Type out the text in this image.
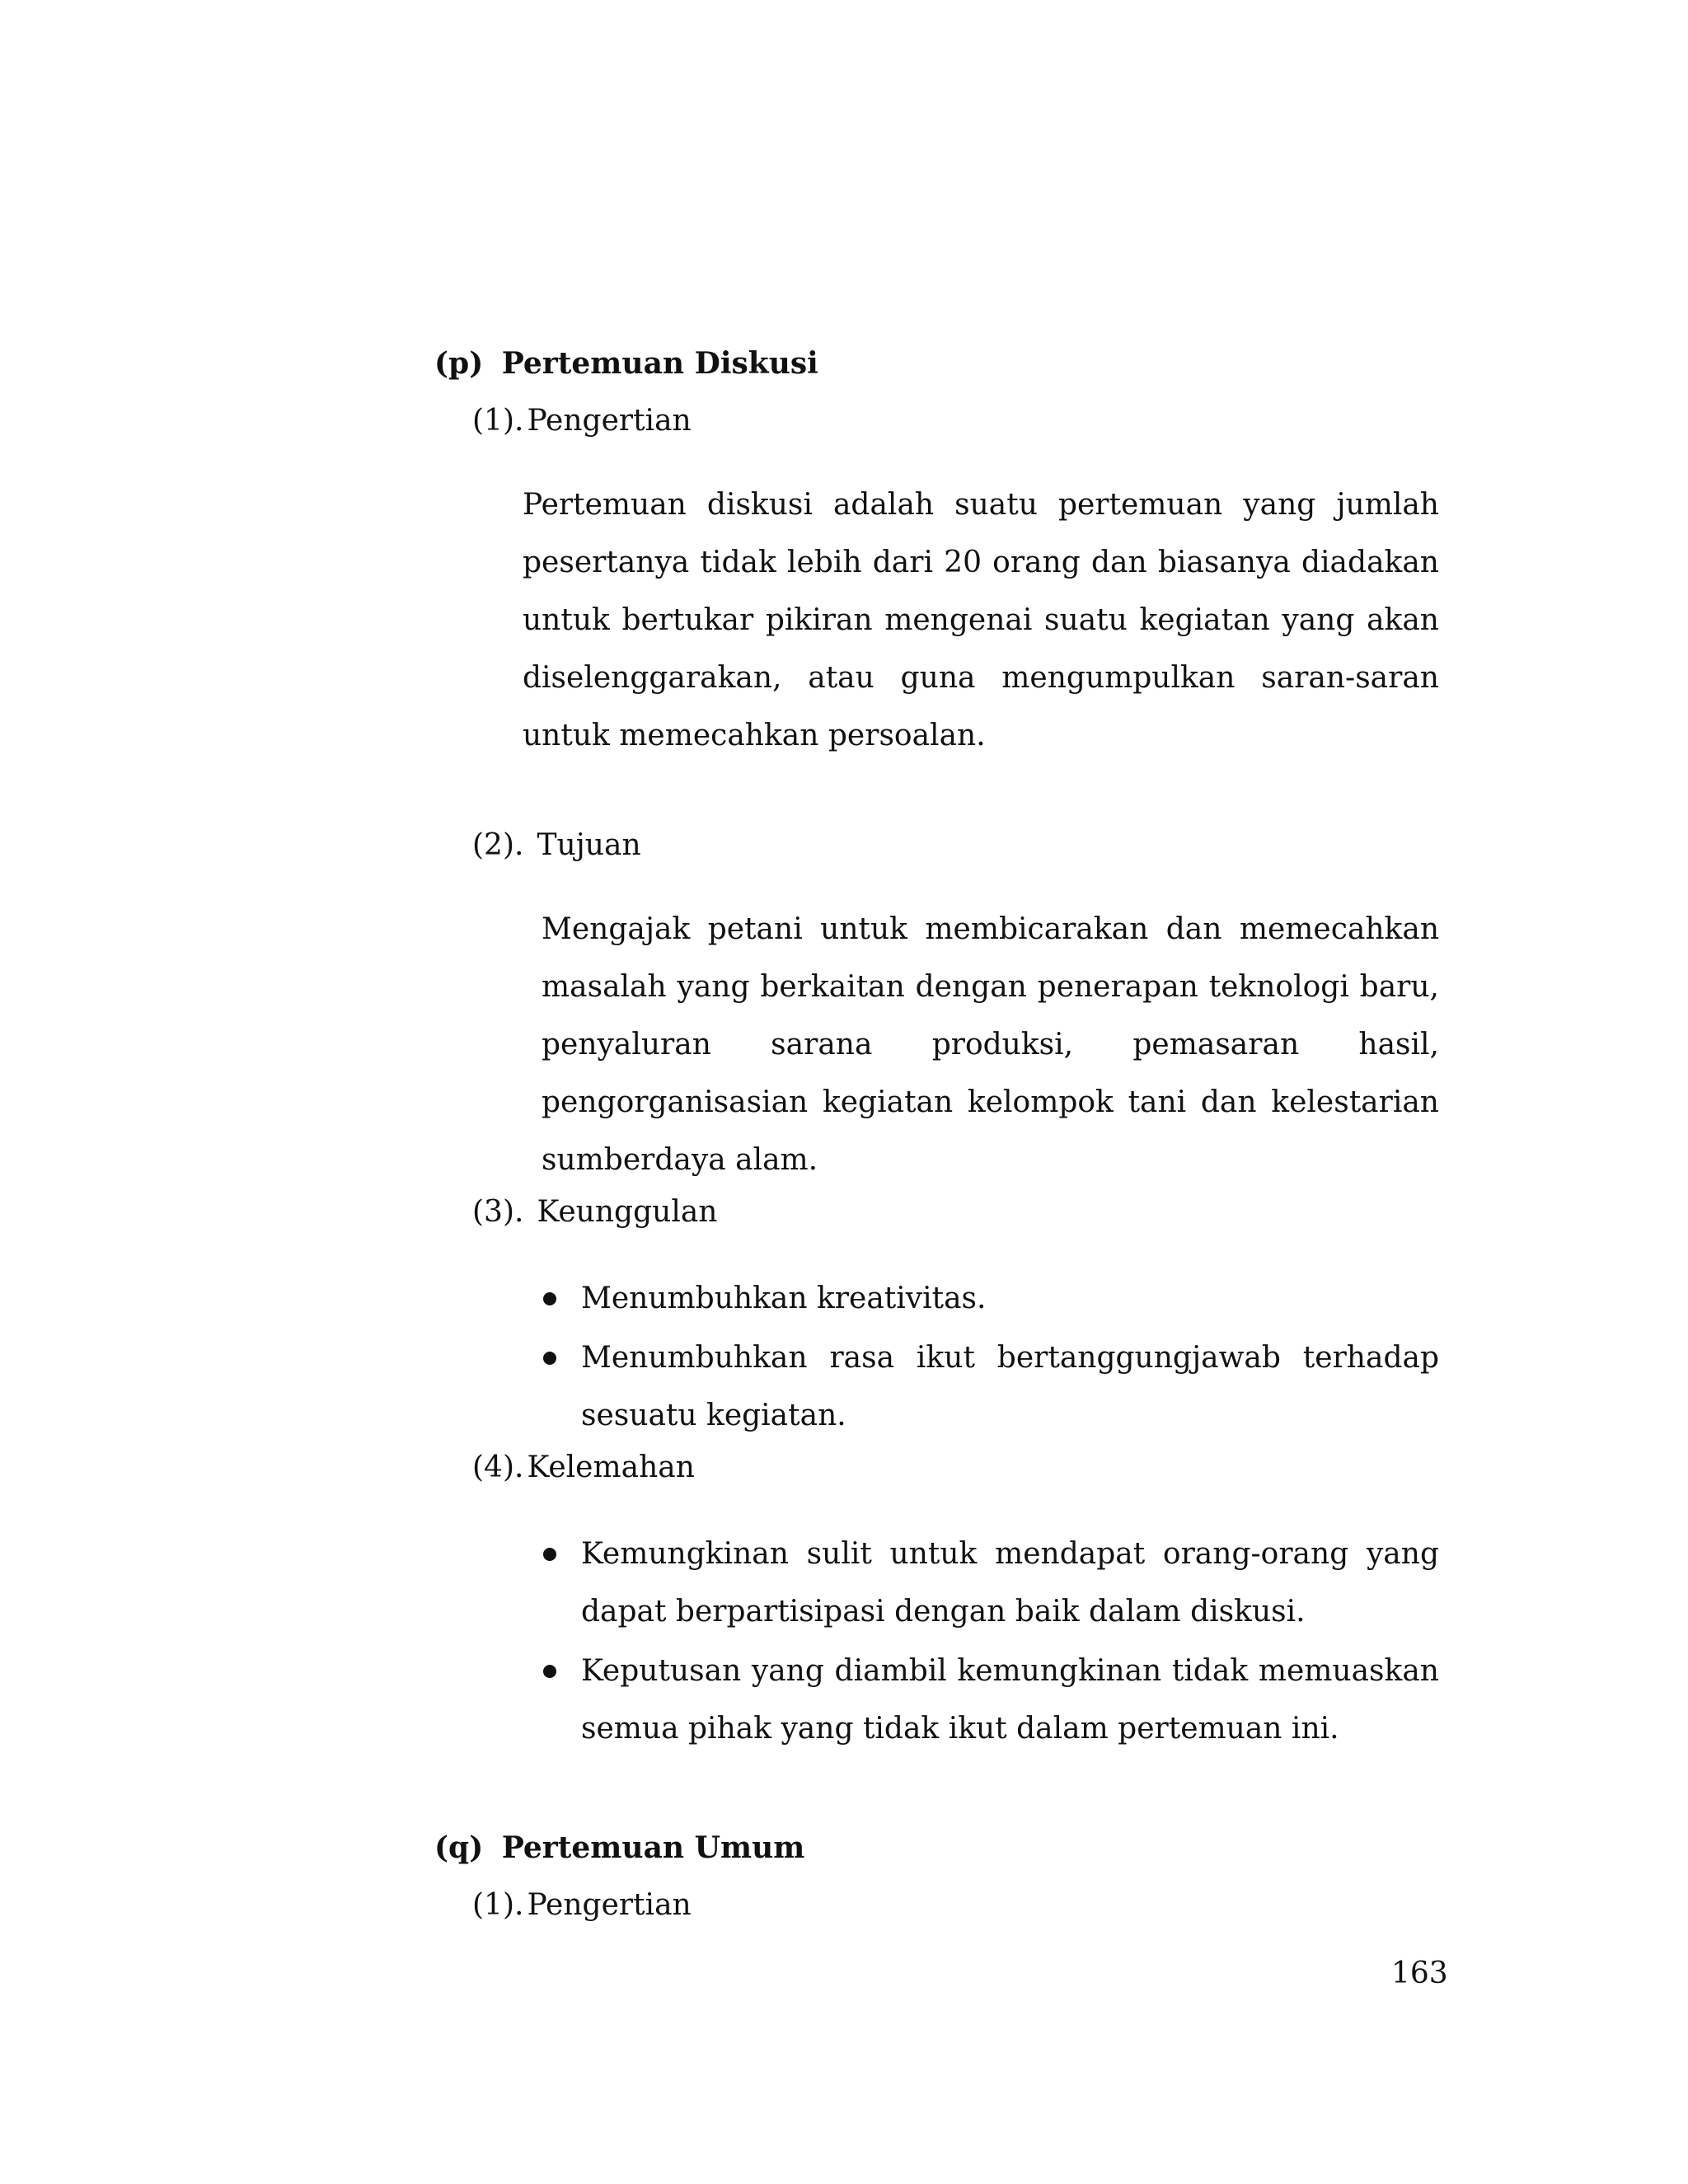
(p) Pertemuan Diskusi
(1). Pengertian
Pertemuan diskusi adalah suatu pertemuan yang jumlah pesertanya tidak lebih dari 20 orang dan biasanya diadakan untuk bertukar pikiran mengenai suatu kegiatan yang akan diselenggarakan, atau guna mengumpulkan saran-saran untuk memecahkan persoalan.
(2). Tujuan
Mengajak petani untuk membicarakan dan memecahkan masalah yang berkaitan dengan penerapan teknologi baru, penyaluran sarana produksi, pemasaran hasil, pengorganisasian kegiatan kelompok tani dan kelestarian sumberdaya alam.
(3). Keunggulan
Menumbuhkan kreativitas.
Menumbuhkan rasa ikut bertanggungjawab terhadap sesuatu kegiatan.
(4). Kelemahan
Kemungkinan sulit untuk mendapat orang-orang yang dapat berpartisipasi dengan baik dalam diskusi.
Keputusan yang diambil kemungkinan tidak memuaskan semua pihak yang tidak ikut dalam pertemuan ini.
(q) Pertemuan Umum
(1). Pengertian
163
